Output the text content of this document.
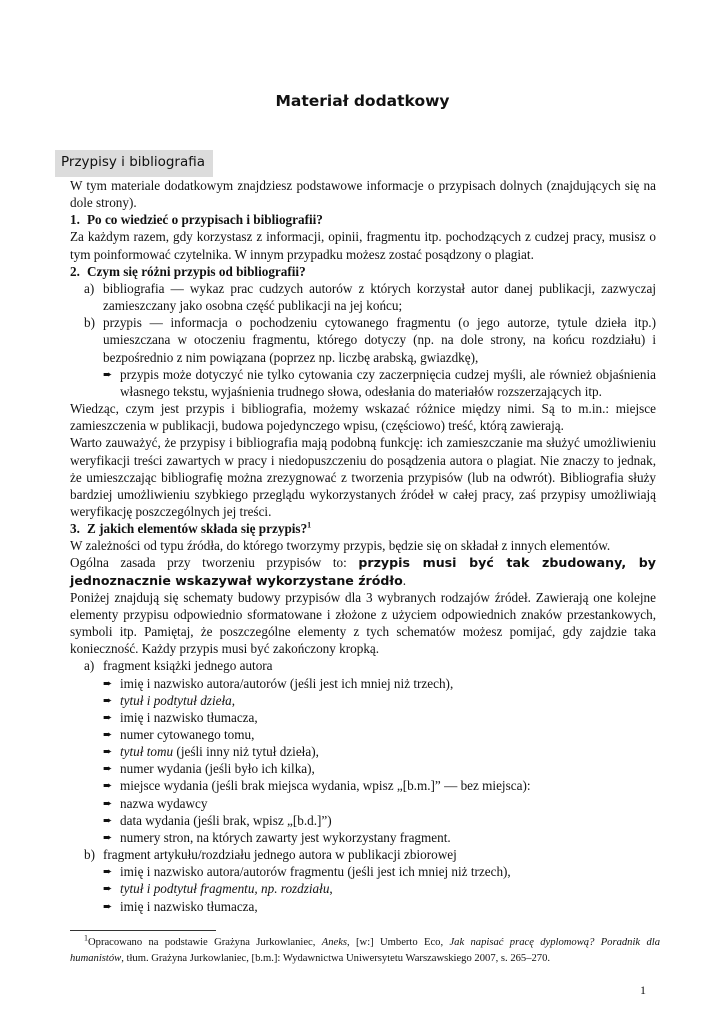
Materiał dodatkowy
Przypisy i bibliografia

W tym materiale dodatkowym znajdziesz podstawowe informacje o przypisach dolnych (znajdujących się na dole strony).

1. Po co wiedzieć o przypisach i bibliografii?

Za każdym razem, gdy korzystasz z informacji, opinii, fragmentu itp. pochodzących z cudzej pracy, musisz o tym poinformować czytelnika. W innym przypadku możesz zostać posądzony o plagiat.

2. Czym się różni przypis od bibliografii?
a) bibliografia — wykaz prac cudzych autorów z których korzystał autor danej publikacji, zazwyczaj zamieszczany jako osobna część publikacji na jej końcu;
b) przypis — informacja o pochodzeniu cytowanego fragmentu (o jego autorze, tytule dzieła itp.) umieszczana w otoczeniu fragmentu, którego dotyczy (np. na dole strony, na końcu rozdziału) i bezpośrednio z nim powiązana (poprzez np. liczbę arabską, gwiazdkę),
➨ przypis może dotyczyć nie tylko cytowania czy zaczerpnięcia cudzej myśli, ale również objaśnienia własnego tekstu, wyjaśnienia trudnego słowa, odesłania do materiałów rozszerzających itp.

Wiedząc, czym jest przypis i bibliografia, możemy wskazać różnice między nimi. Są to m.in.: miejsce zamieszczenia w publikacji, budowa pojedynczego wpisu, (częściowo) treść, którą zawierają.

Warto zauważyć, że przypisy i bibliografia mają podobną funkcję: ich zamieszczanie ma służyć umożliwieniu weryfikacji treści zawartych w pracy i niedopuszczeniu do posądzenia autora o plagiat. Nie znaczy to jednak, że umieszczając bibliografię można zrezygnować z tworzenia przypisów (lub na odwrót). Bibliografia służy bardziej umożliwieniu szybkiego przeglądu wykorzystanych źródeł w całej pracy, zaś przypisy umożliwiają weryfikację poszczególnych jej treści.

3. Z jakich elementów składa się przypis?$^1$

W zależności od typu źródła, do którego tworzymy przypis, będzie się on składał z innych elementów.

Ogólna zasada przy tworzeniu przypisów to: przypis musi być tak zbudowany, by jednoznacznie wskazywał wykorzystane źródło.

Poniżej znajdują się schematy budowy przypisów dla 3 wybranych rodzajów źródeł. Zawierają one kolejne elementy przypisu odpowiednio sformatowane i złożone z użyciem odpowiednich znaków przestankowych, symboli itp. Pamiętaj, że poszczególne elementy z tych schematów możesz pomijać, gdy zajdzie taka konieczność. Każdy przypis musi być zakończony kropką.

a) fragment książki jednego autora
➨ imię i nazwisko autora/autorów (jeśli jest ich mniej niż trzech),
➨ tytuł i podtytuł dzieła,
➨ imię i nazwisko tłumacza,
➨ numer cytowanego tomu,
➨ tytuł tomu (jeśli inny niż tytuł dzieła),
➨ numer wydania (jeśli było ich kilka),
➨ miejsce wydania (jeśli brak miejsca wydania, wpisz „[b.m.]” — bez miejsca):
➨ nazwa wydawcy
➨ data wydania (jeśli brak, wpisz „[b.d.]”)
➨ numery stron, na których zawarty jest wykorzystany fragment.
b) fragment artykułu/rozdziału jednego autora w publikacji zbiorowej
➨ imię i nazwisko autora/autorów fragmentu (jeśli jest ich mniej niż trzech),
➨ tytuł i podtytuł fragmentu, np. rozdziału,
➨ imię i nazwisko tłumacza,
$^1$Opracowano na podstawie Grażyna Jurkowlaniec, Aneks, [w:] Umberto Eco, Jak napisać pracę dyplomową? Poradnik dla humanistów, tłum. Grażyna Jurkowlaniec, [b.m.]: Wydawnictwa Uniwersytetu Warszawskiego 2007, s. 265–270.
1
